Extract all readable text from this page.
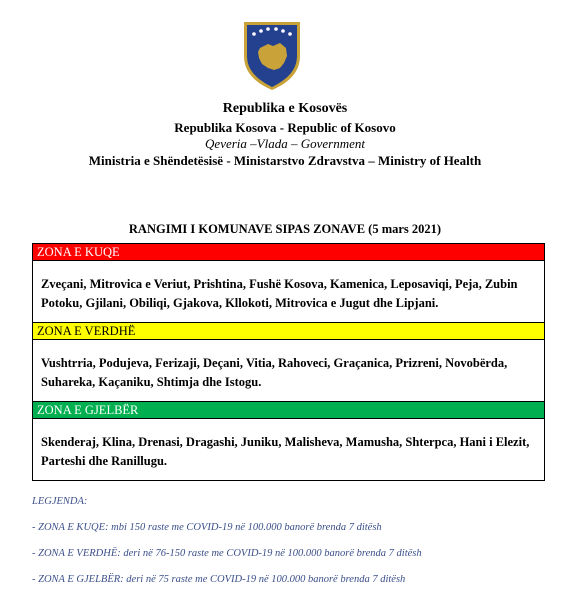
Republika e Kosovës
Republika Kosova - Republic of Kosovo
Qeveria –Vlada – Government
Ministria e Shëndetësisë - Ministarstvo Zdravstva – Ministry of Health
RANGIMI I KOMUNAVE SIPAS ZONAVE (5 mars 2021)
ZONA E KUQE
Zveçani, Mitrovica e Veriut, Prishtina, Fushë Kosova, Kamenica, Leposaviqi, Peja, Zubin Potoku, Gjilani, Obiliqi, Gjakova, Kllokoti, Mitrovica e Jugut dhe Lipjani.
ZONA E VERDHË
Vushtrria, Podujeva, Ferizaji, Deçani, Vitia, Rahoveci, Graçanica, Prizreni, Novobërda, Suhareka, Kaçaniku, Shtimja dhe Istogu.
ZONA E GJELBËR
Skenderaj, Klina, Drenasi, Dragashi, Juniku, Malisheva, Mamusha, Shterpca, Hani i Elezit, Parteshi dhe Ranillugu.
LEGJENDA:
- ZONA E KUQE: mbi 150 raste me COVID-19 në 100.000 banorë brenda 7 ditësh
- ZONA E VERDHË: deri në 76-150 raste me COVID-19 në 100.000 banorë brenda 7 ditësh
- ZONA E GJELBËR: deri në 75 raste me COVID-19 në 100.000 banorë brenda 7 ditësh
